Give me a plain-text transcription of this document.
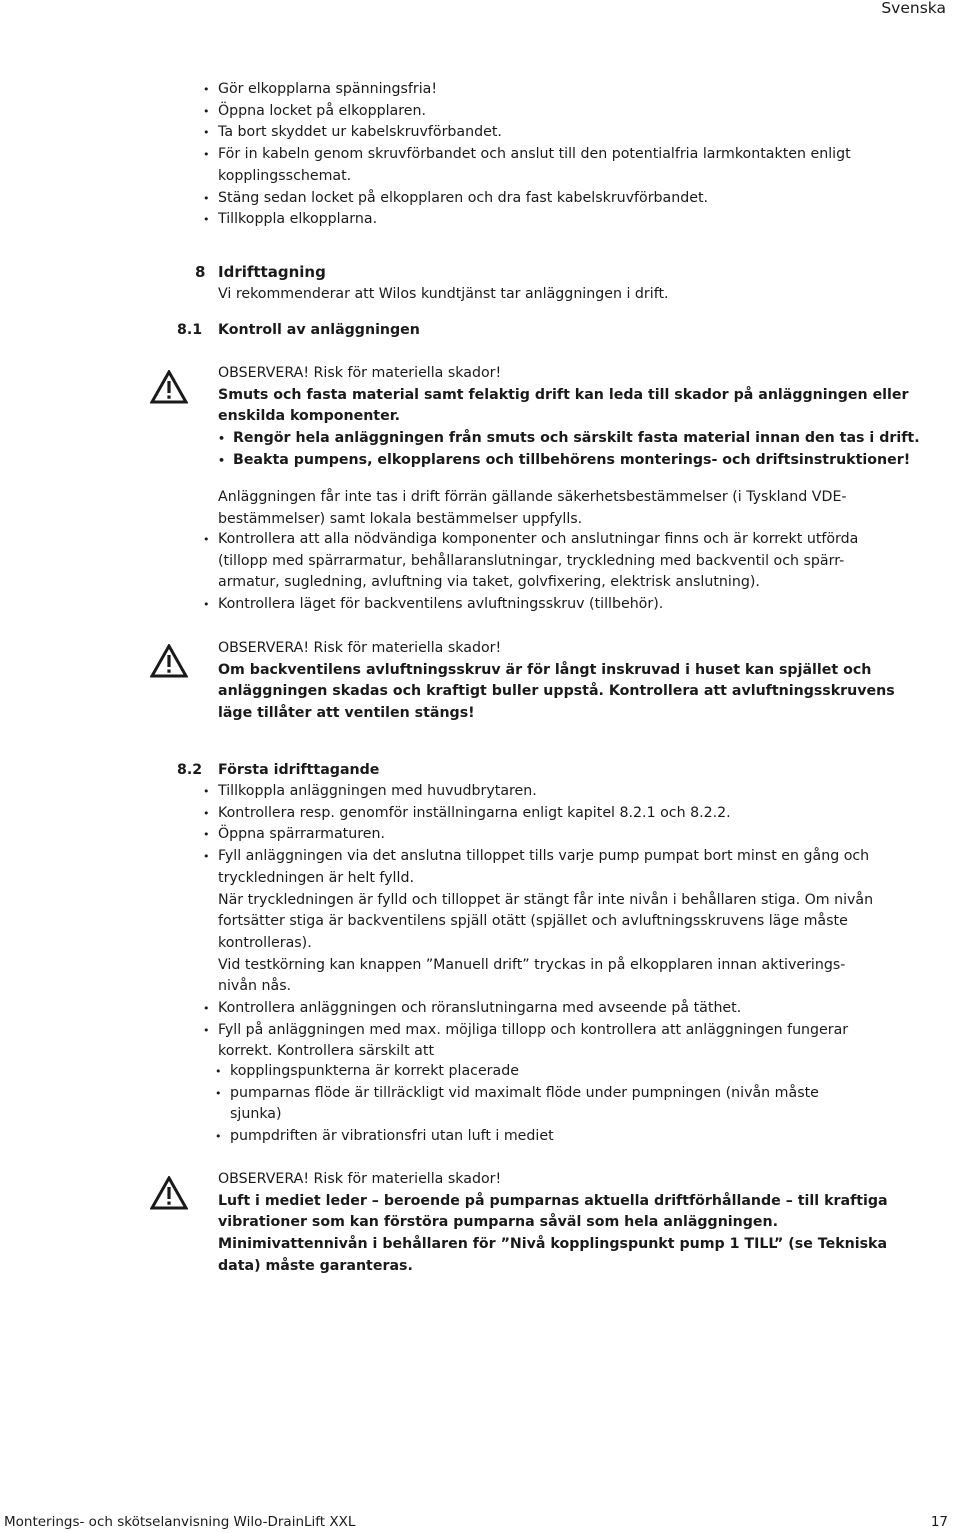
Svenska
• Gör elkopplarna spänningsfria!
• Öppna locket på elkopplaren.
• Ta bort skyddet ur kabelskruvförbandet.
• För in kabeln genom skruvförbandet och anslut till den potentialfria larmkontakten enligt
kopplingsschemat.
• Stäng sedan locket på elkopplaren och dra fast kabelskruvförbandet.
• Tillkoppla elkopplarna.
8 Idrifttagning
Vi rekommenderar att Wilos kundtjänst tar anläggningen i drift.
8.1 Kontroll av anläggningen
OBSERVERA! Risk för materiella skador!
Smuts och fasta material samt felaktig drift kan leda till skador på anläggningen eller
enskilda komponenter.
• Rengör hela anläggningen från smuts och särskilt fasta material innan den tas i drift.
• Beakta pumpens, elkopplarens och tillbehörens monterings- och driftsinstruktioner!
Anläggningen får inte tas i drift förrän gällande säkerhetsbestämmelser (i Tyskland VDE-
bestämmelser) samt lokala bestämmelser uppfylls.
• Kontrollera att alla nödvändiga komponenter och anslutningar finns och är korrekt utförda
(tillopp med spärrarmatur, behållaranslutningar, tryckledning med backventil och spärr-
armatur, sugledning, avluftning via taket, golvfixering, elektrisk anslutning).
• Kontrollera läget för backventilens avluftningsskruv (tillbehör).
OBSERVERA! Risk för materiella skador!
Om backventilens avluftningsskruv är för långt inskruvad i huset kan spjället och
anläggningen skadas och kraftigt buller uppstå. Kontrollera att avluftningsskruvens
läge tillåter att ventilen stängs!
8.2 Första idrifttagande
• Tillkoppla anläggningen med huvudbrytaren.
• Kontrollera resp. genomför inställningarna enligt kapitel 8.2.1 och 8.2.2.
• Öppna spärrarmaturen.
• Fyll anläggningen via det anslutna tilloppet tills varje pump pumpat bort minst en gång och
tryckledningen är helt fylld.
När tryckledningen är fylld och tilloppet är stängt får inte nivån i behållaren stiga. Om nivån
fortsätter stiga är backventilens spjäll otätt (spjället och avluftningsskruvens läge måste
kontrolleras).
Vid testkörning kan knappen ”Manuell drift” tryckas in på elkopplaren innan aktiverings-
nivån nås.
• Kontrollera anläggningen och röranslutningarna med avseende på täthet.
• Fyll på anläggningen med max. möjliga tillopp och kontrollera att anläggningen fungerar
korrekt. Kontrollera särskilt att
• kopplingspunkterna är korrekt placerade
• pumparnas flöde är tillräckligt vid maximalt flöde under pumpningen (nivån måste
sjunka)
• pumpdriften är vibrationsfri utan luft i mediet
OBSERVERA! Risk för materiella skador!
Luft i mediet leder – beroende på pumparnas aktuella driftförhållande – till kraftiga
vibrationer som kan förstöra pumparna såväl som hela anläggningen.
Minimivattennivån i behållaren för ”Nivå kopplingspunkt pump 1 TILL” (se Tekniska
data) måste garanteras.
Monterings- och skötselanvisning Wilo-DrainLift XXL	17
